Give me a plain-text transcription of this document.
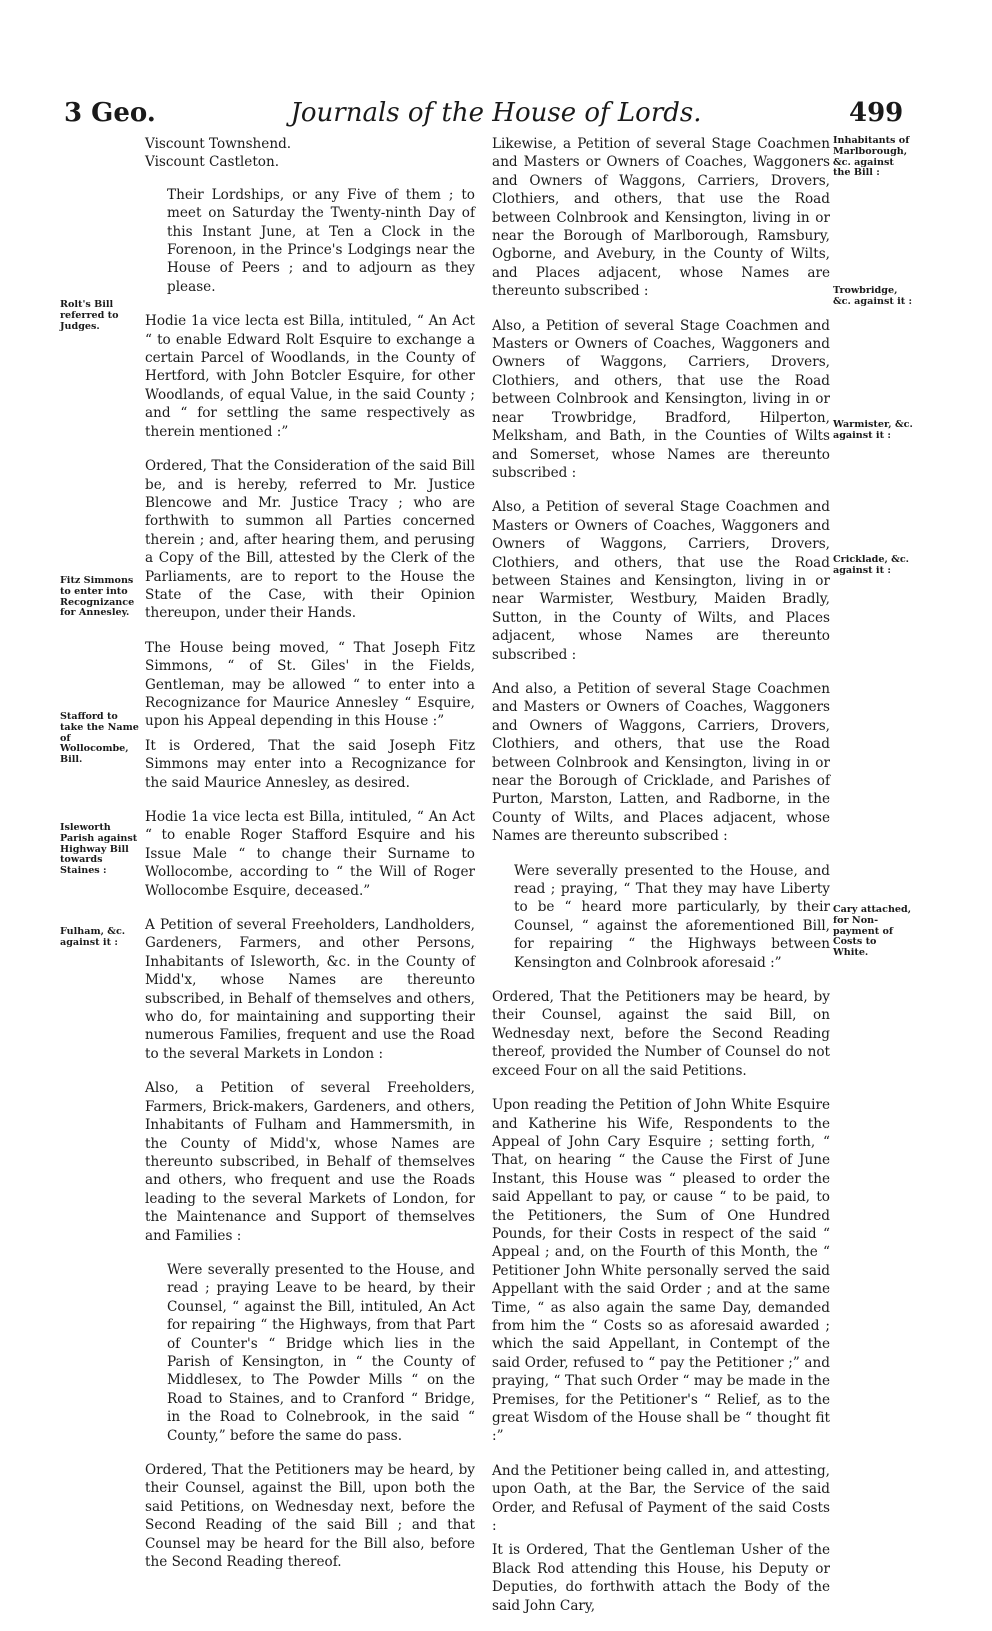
3 Geo.	Journals of the House of Lords.	499
Viscount Townshend.
Viscount Castleton.

Their Lordships, or any Five of them ; to meet on Saturday the Twenty-ninth Day of this Instant June, at Ten a Clock in the Forenoon, in the Prince's Lodgings near the House of Peers ; and to adjourn as they please.

Hodie 1a vice lecta est Billa, intituled, “ An Act “ to enable Edward Rolt Esquire to exchange a certain Parcel of Woodlands, in the County of Hertford, with John Botcler Esquire, for other Woodlands, of equal Value, in the said County ; and “ for settling the same respectively as therein mentioned :”

Ordered, That the Consideration of the said Bill be, and is hereby, referred to Mr. Justice Blencowe and Mr. Justice Tracy ; who are forthwith to summon all Parties concerned therein ; and, after hearing them, and perusing a Copy of the Bill, attested by the Clerk of the Parliaments, are to report to the House the State of the Case, with their Opinion thereupon, under their Hands.

The House being moved, “ That Joseph Fitz Simmons, “ of St. Giles' in the Fields, Gentleman, may be allowed “ to enter into a Recognizance for Maurice Annesley “ Esquire, upon his Appeal depending in this House :”

It is Ordered, That the said Joseph Fitz Simmons may enter into a Recognizance for the said Maurice Annesley, as desired.

Hodie 1a vice lecta est Billa, intituled, “ An Act “ to enable Roger Stafford Esquire and his Issue Male “ to change their Surname to Wollocombe, according to “ the Will of Roger Wollocombe Esquire, deceased.”

A Petition of several Freeholders, Landholders, Gardeners, Farmers, and other Persons, Inhabitants of Isleworth, &c. in the County of Midd'x, whose Names are thereunto subscribed, in Behalf of themselves and others, who do, for maintaining and supporting their numerous Families, frequent and use the Road to the several Markets in London :

Also, a Petition of several Freeholders, Farmers, Brick-makers, Gardeners, and others, Inhabitants of Fulham and Hammersmith, in the County of Midd'x, whose Names are thereunto subscribed, in Behalf of themselves and others, who frequent and use the Roads leading to the several Markets of London, for the Maintenance and Support of themselves and Families :

Were severally presented to the House, and read ; praying Leave to be heard, by their Counsel, “ against the Bill, intituled, An Act for repairing “ the Highways, from that Part of Counter's “ Bridge which lies in the Parish of Kensington, in “ the County of Middlesex, to The Powder Mills “ on the Road to Staines, and to Cranford “ Bridge, in the Road to Colnebrook, in the said “ County,” before the same do pass.

Ordered, That the Petitioners may be heard, by their Counsel, against the Bill, upon both the said Petitions, on Wednesday next, before the Second Reading of the said Bill ; and that Counsel may be heard for the Bill also, before the Second Reading thereof.

Likewise, a Petition of several Stage Coachmen and Masters or Owners of Coaches, Waggoners and Owners of Waggons, Carriers, Drovers, Clothiers, and others, that use the Road between Colnbrook and Kensington, living in or near the Borough of Marlborough, Ramsbury, Ogborne, and Avebury, in the County of Wilts, and Places adjacent, whose Names are thereunto subscribed :

Also, a Petition of several Stage Coachmen and Masters or Owners of Coaches, Waggoners and Owners of Waggons, Carriers, Drovers, Clothiers, and others, that use the Road between Colnbrook and Kensington, living in or near Trowbridge, Bradford, Hilperton, Melksham, and Bath, in the Counties of Wilts and Somerset, whose Names are thereunto subscribed :

Also, a Petition of several Stage Coachmen and Masters or Owners of Coaches, Waggoners and Owners of Waggons, Carriers, Drovers, Clothiers, and others, that use the Road between Staines and Kensington, living in or near Warmister, Westbury, Maiden Bradly, Sutton, in the County of Wilts, and Places adjacent, whose Names are thereunto subscribed :

And also, a Petition of several Stage Coachmen and Masters or Owners of Coaches, Waggoners and Owners of Waggons, Carriers, Drovers, Clothiers, and others, that use the Road between Colnbrook and Kensington, living in or near the Borough of Cricklade, and Parishes of Purton, Marston, Latten, and Radborne, in the County of Wilts, and Places adjacent, whose Names are thereunto subscribed :

Were severally presented to the House, and read ; praying, “ That they may have Liberty to be “ heard more particularly, by their Counsel, “ against the aforementioned Bill, for repairing “ the Highways between Kensington and Colnbrook aforesaid :”

Ordered, That the Petitioners may be heard, by their Counsel, against the said Bill, on Wednesday next, before the Second Reading thereof, provided the Number of Counsel do not exceed Four on all the said Petitions.

Upon reading the Petition of John White Esquire and Katherine his Wife, Respondents to the Appeal of John Cary Esquire ; setting forth, “ That, on hearing “ the Cause the First of June Instant, this House was “ pleased to order the said Appellant to pay, or cause “ to be paid, to the Petitioners, the Sum of One Hundred Pounds, for their Costs in respect of the said “ Appeal ; and, on the Fourth of this Month, the “ Petitioner John White personally served the said Appellant with the said Order ; and at the same Time, “ as also again the same Day, demanded from him the “ Costs so as aforesaid awarded ; which the said Appellant, in Contempt of the said Order, refused to “ pay the Petitioner ;” and praying, “ That such Order “ may be made in the Premises, for the Petitioner's “ Relief, as to the great Wisdom of the House shall be “ thought fit :”

And the Petitioner being called in, and attesting, upon Oath, at the Bar, the Service of the said Order, and Refusal of Payment of the said Costs :

It is Ordered, That the Gentleman Usher of the Black Rod attending this House, his Deputy or Deputies, do forthwith attach the Body of the said John Cary,

Rolt's Bill referred to Judges.
Fitz Simmons to enter into Recognizance for Annesley.
Stafford to take the Name of Wollocombe, Bill.
Isleworth Parish against Highway Bill towards Staines :
Fulham, &c. against it :
Inhabitants of Marlborough, &c. against the Bill :
Trowbridge, &c. against it :
Warmister, &c. against it :
Cricklade, &c. against it :
Cary attached, for Non-payment of Costs to White.
